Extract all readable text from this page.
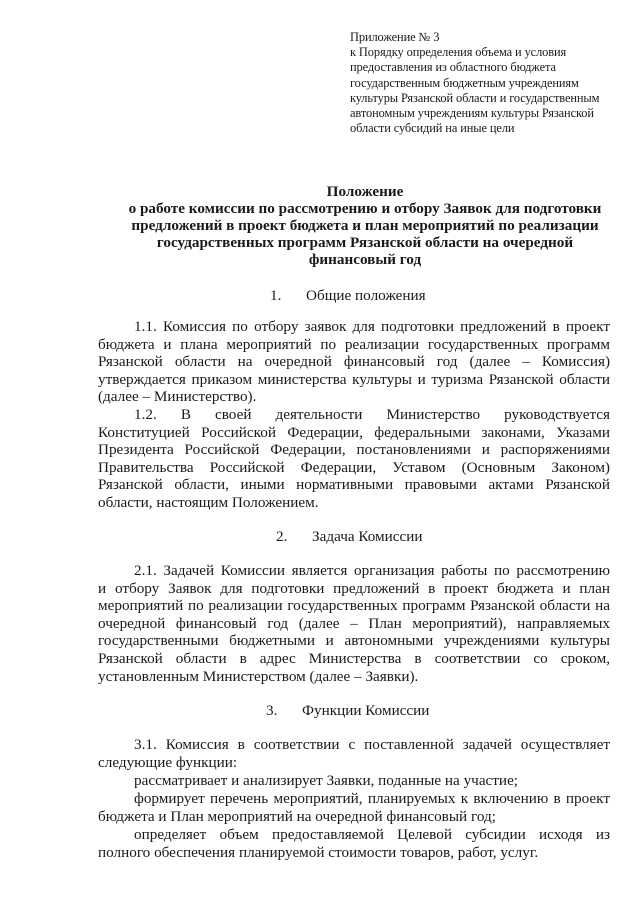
Приложение № 3
к Порядку определения объема и условия
предоставления из областного бюджета
государственным бюджетным учреждениям
культуры Рязанской области и государственным
автономным учреждениям культуры Рязанской
области субсидий на иные цели
Положение
о работе комиссии по рассмотрению и отбору Заявок для подготовки
предложений в проект бюджета и план мероприятий по реализации
государственных программ Рязанской области на очередной
финансовый год
1. Общие положения
1.1. Комиссия по отбору заявок для подготовки предложений в проект
бюджета и плана мероприятий по реализации государственных программ
Рязанской области на очередной финансовый год (далее – Комиссия)
утверждается приказом министерства культуры и туризма Рязанской области
(далее – Министерство).
1.2. В своей деятельности Министерство руководствуется
Конституцией Российской Федерации, федеральными законами, Указами
Президента Российской Федерации, постановлениями и распоряжениями
Правительства Российской Федерации, Уставом (Основным Законом)
Рязанской области, иными нормативными правовыми актами Рязанской
области, настоящим Положением.
2. Задача Комиссии
2.1. Задачей Комиссии является организация работы по рассмотрению
и отбору Заявок для подготовки предложений в проект бюджета и план
мероприятий по реализации государственных программ Рязанской области на
очередной финансовый год (далее – План мероприятий), направляемых
государственными бюджетными и автономными учреждениями культуры
Рязанской области в адрес Министерства в соответствии со сроком,
установленным Министерством (далее – Заявки).
3. Функции Комиссии
3.1. Комиссия в соответствии с поставленной задачей осуществляет
следующие функции:
рассматривает и анализирует Заявки, поданные на участие;
формирует перечень мероприятий, планируемых к включению в проект
бюджета и План мероприятий на очередной финансовый год;
определяет объем предоставляемой Целевой субсидии исходя из
полного обеспечения планируемой стоимости товаров, работ, услуг.
